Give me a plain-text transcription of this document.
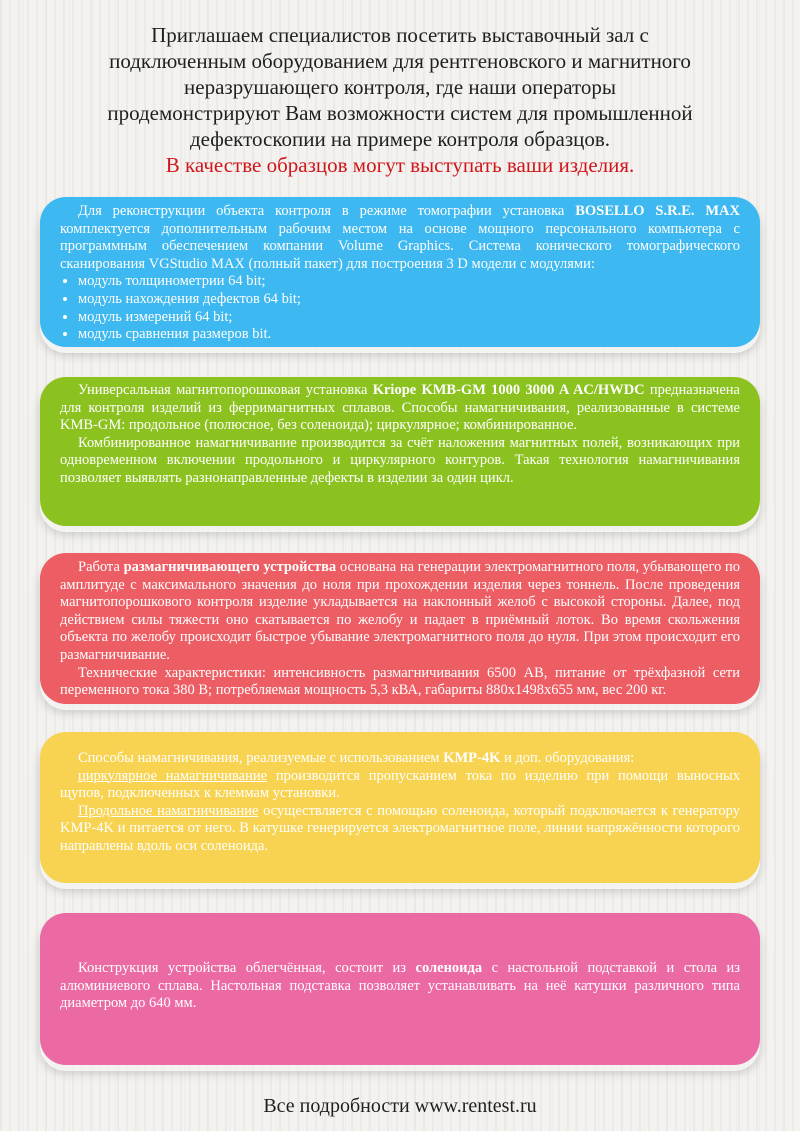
Приглашаем специалистов посетить выставочный зал с

подключенным оборудованием для рентгеновского и магнитного

неразрушающего контроля, где наши операторы

продемонстрируют Вам возможности систем для промышленной

дефектоскопии на примере контроля образцов.

В качестве образцов могут выступать ваши изделия.

Для реконструкции объекта контроля в режиме томографии установка BOSELLO S.R.E. MAX комплектуется дополнительным рабочим местом на основе мощного персонального компьютера с программным обеспечением компании Volume Graphics. Система конического томографического сканирования VGStudio MAX (полный пакет) для построения 3 D модели с модулями:

• модуль толщинометрии 64 bit;
• модуль нахождения дефектов 64 bit;
• модуль измерений 64 bit;
• модуль сравнения размеров bit.

Универсальная магнитопорошковая установка Kriope KMB-GM 1000 3000 A AC/HWDC предназначена для контроля изделий из ферримагнитных сплавов. Способы намагничивания, реализованные в системе KMB-GM: продольное (полюсное, без соленоида); циркулярное; комбинированное.

Комбинированное намагничивание производится за счёт наложения магнитных полей, возникающих при одновременном включении продольного и циркулярного контуров. Такая технология намагничивания позволяет выявлять разнонаправленные дефекты в изделии за один цикл.

Работа размагничивающего устройства основана на генерации электромагнитного поля, убывающего по амплитуде с максимального значения до ноля при прохождении изделия через тоннель. После проведения магнитопорошкового контроля изделие укладывается на наклонный желоб с высокой стороны. Далее, под действием силы тяжести оно скатывается по желобу и падает в приёмный лоток. Во время скольжения объекта по желобу происходит быстрое убывание электромагнитного поля до нуля. При этом происходит его размагничивание.

Технические характеристики: интенсивность размагничивания 6500 АВ, питание от трёхфазной сети переменного тока 380 В; потребляемая мощность 5,3 кВА, габариты 880х1498х655 мм, вес 200 кг.

Способы намагничивания, реализуемые с использованием KMP-4K и доп. оборудования:

циркулярное намагничивание производится пропусканием тока по изделию при помощи выносных щупов, подключенных к клеммам установки.

Продольное намагничивание осуществляется с помощью соленоида, который подключается к генератору KMP-4K и питается от него. В катушке генерируется электромагнитное поле, линии напряжённости которого направлены вдоль оси соленоида.

Конструкция устройства облегчённая, состоит из соленоида с настольной подставкой и стола из алюминиевого сплава. Настольная подставка позволяет устанавливать на неё катушки различного типа диаметром до 640 мм.

Все подробности www.rentest.ru
